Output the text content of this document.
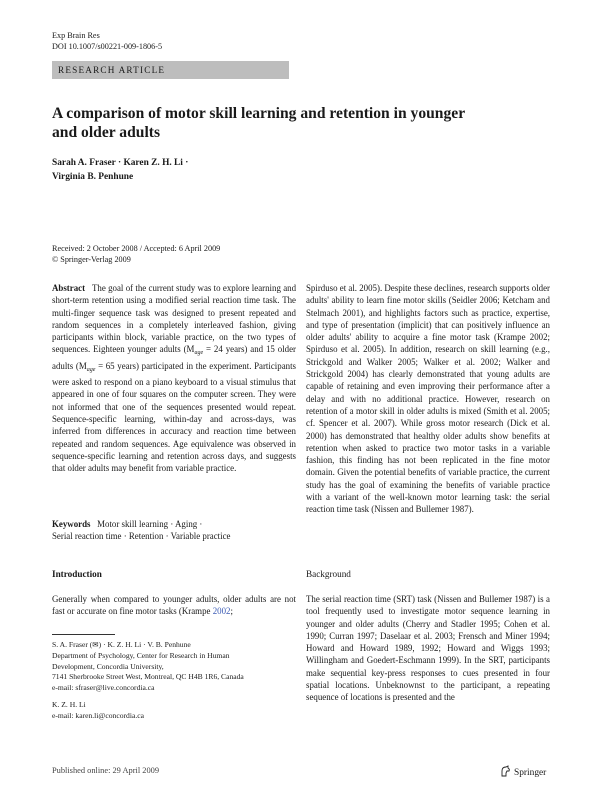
Exp Brain Res
DOI 10.1007/s00221-009-1806-5
RESEARCH ARTICLE
A comparison of motor skill learning and retention in younger
and older adults
Sarah A. Fraser · Karen Z. H. Li ·
Virginia B. Penhune
Received: 2 October 2008 / Accepted: 6 April 2009
© Springer-Verlag 2009

Abstract The goal of the current study was to explore learning and short-term retention using a modified serial reaction time task. The multi-finger sequence task was designed to present repeated and random sequences in a completely interleaved fashion, giving participants within block, variable practice, on the two types of sequences. Eighteen younger adults ($M_{age} = 24$ years) and 15 older adults ($M_{age} = 65$ years) participated in the experiment. Participants were asked to respond on a piano keyboard to a visual stimulus that appeared in one of four squares on the computer screen. They were not informed that one of the sequences presented would repeat. Sequence-specific learning, within-day and across-days, was inferred from differences in accuracy and reaction time between repeated and random sequences. Age equivalence was observed in sequence-specific learning and retention across days, and suggests that older adults may benefit from variable practice.

Keywords Motor skill learning · Aging ·

Serial reaction time · Retention · Variable practice

Introduction

Generally when compared to younger adults, older adults are not fast or accurate on fine motor tasks (Krampe 2002;

S. A. Fraser (✉) · K. Z. H. Li · V. B. Penhune

Department of Psychology, Center for Research in Human

Development, Concordia University,

7141 Sherbrooke Street West, Montreal, QC H4B 1R6, Canada

e-mail: sfraser@live.concordia.ca

K. Z. H. Li

e-mail: karen.li@concordia.ca

Spirduso et al. 2005). Despite these declines, research supports older adults' ability to learn fine motor skills (Seidler 2006; Ketcham and Stelmach 2001), and highlights factors such as practice, expertise, and type of presentation (implicit) that can positively influence an older adults' ability to acquire a fine motor task (Krampe 2002; Spirduso et al. 2005). In addition, research on skill learning (e.g., Strickgold and Walker 2005; Walker et al. 2002; Walker and Strickgold 2004) has clearly demonstrated that young adults are capable of retaining and even improving their performance after a delay and with no additional practice. However, research on retention of a motor skill in older adults is mixed (Smith et al. 2005; cf. Spencer et al. 2007). While gross motor research (Dick et al. 2000) has demonstrated that healthy older adults show benefits at retention when asked to practice two motor tasks in a variable fashion, this finding has not been replicated in the fine motor domain. Given the potential benefits of variable practice, the current study has the goal of examining the benefits of variable practice with a variant of the well-known motor learning task: the serial reaction time task (Nissen and Bullemer 1987).

Background

The serial reaction time (SRT) task (Nissen and Bullemer 1987) is a tool frequently used to investigate motor sequence learning in younger and older adults (Cherry and Stadler 1995; Cohen et al. 1990; Curran 1997; Daselaar et al. 2003; Frensch and Miner 1994; Howard and Howard 1989, 1992; Howard and Wiggs 1993; Willingham and Goedert-Eschmann 1999). In the SRT, participants make sequential key-press responses to cues presented in four spatial locations. Unbeknownst to the participant, a repeating sequence of locations is presented and the

Published online: 29 April 2009	Springer
